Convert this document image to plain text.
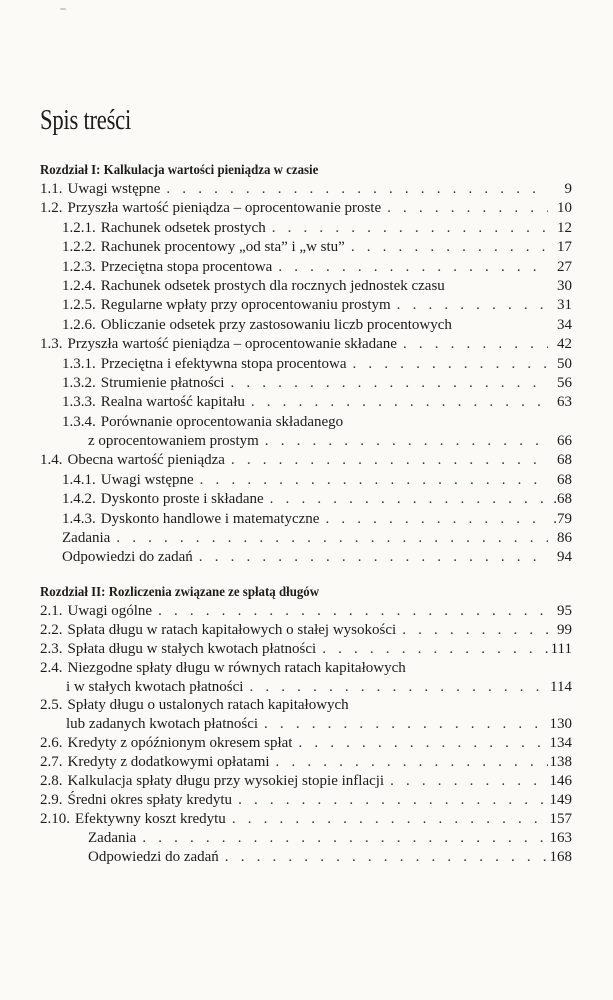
Spis treści
Rozdział I: Kalkulacja wartości pieniądza w czasie
1.1. Uwagi wstępne . . .	9
1.2. Przyszła wartość pieniądza – oprocentowanie proste . . .	10
1.2.1. Rachunek odsetek prostych . . .	12
1.2.2. Rachunek procentowy „od sta” i „w stu” . . .	17
1.2.3. Przeciętna stopa procentowa . . .	27
1.2.4. Rachunek odsetek prostych dla rocznych jednostek czasu	30
1.2.5. Regularne wpłaty przy oprocentowaniu prostym . . .	31
1.2.6. Obliczanie odsetek przy zastosowaniu liczb procentowych	34
1.3. Przyszła wartość pieniądza – oprocentowanie składane . . .	42
1.3.1. Przeciętna i efektywna stopa procentowa . . .	50
1.3.2. Strumienie płatności . . .	56
1.3.3. Realna wartość kapitału . . .	63
1.3.4. Porównanie oprocentowania składanego
z oprocentowaniem prostym . . .	66
1.4. Obecna wartość pieniądza . . .	68
1.4.1. Uwagi wstępne . . .	68
1.4.2. Dyskonto proste i składane . . .	.68
1.4.3. Dyskonto handlowe i matematyczne . . .	.79
Zadania . . .	86
Odpowiedzi do zadań . . .	94
Rozdział II: Rozliczenia związane ze spłatą długów
2.1. Uwagi ogólne . . .	95
2.2. Spłata długu w ratach kapitałowych o stałej wysokości . . .	99
2.3. Spłata długu w stałych kwotach płatności . . .	111
2.4. Niezgodne spłaty długu w równych ratach kapitałowych
i w stałych kwotach płatności . . .	114
2.5. Spłaty długu o ustalonych ratach kapitałowych
lub zadanych kwotach płatności . . .	130
2.6. Kredyty z opóźnionym okresem spłat . . .	134
2.7. Kredyty z dodatkowymi opłatami . . .	138
2.8. Kalkulacja spłaty długu przy wysokiej stopie inflacji . . .	146
2.9. Średni okres spłaty kredytu . . .	149
2.10. Efektywny koszt kredytu . . .	157
Zadania . . .	163
Odpowiedzi do zadań . . .	168
